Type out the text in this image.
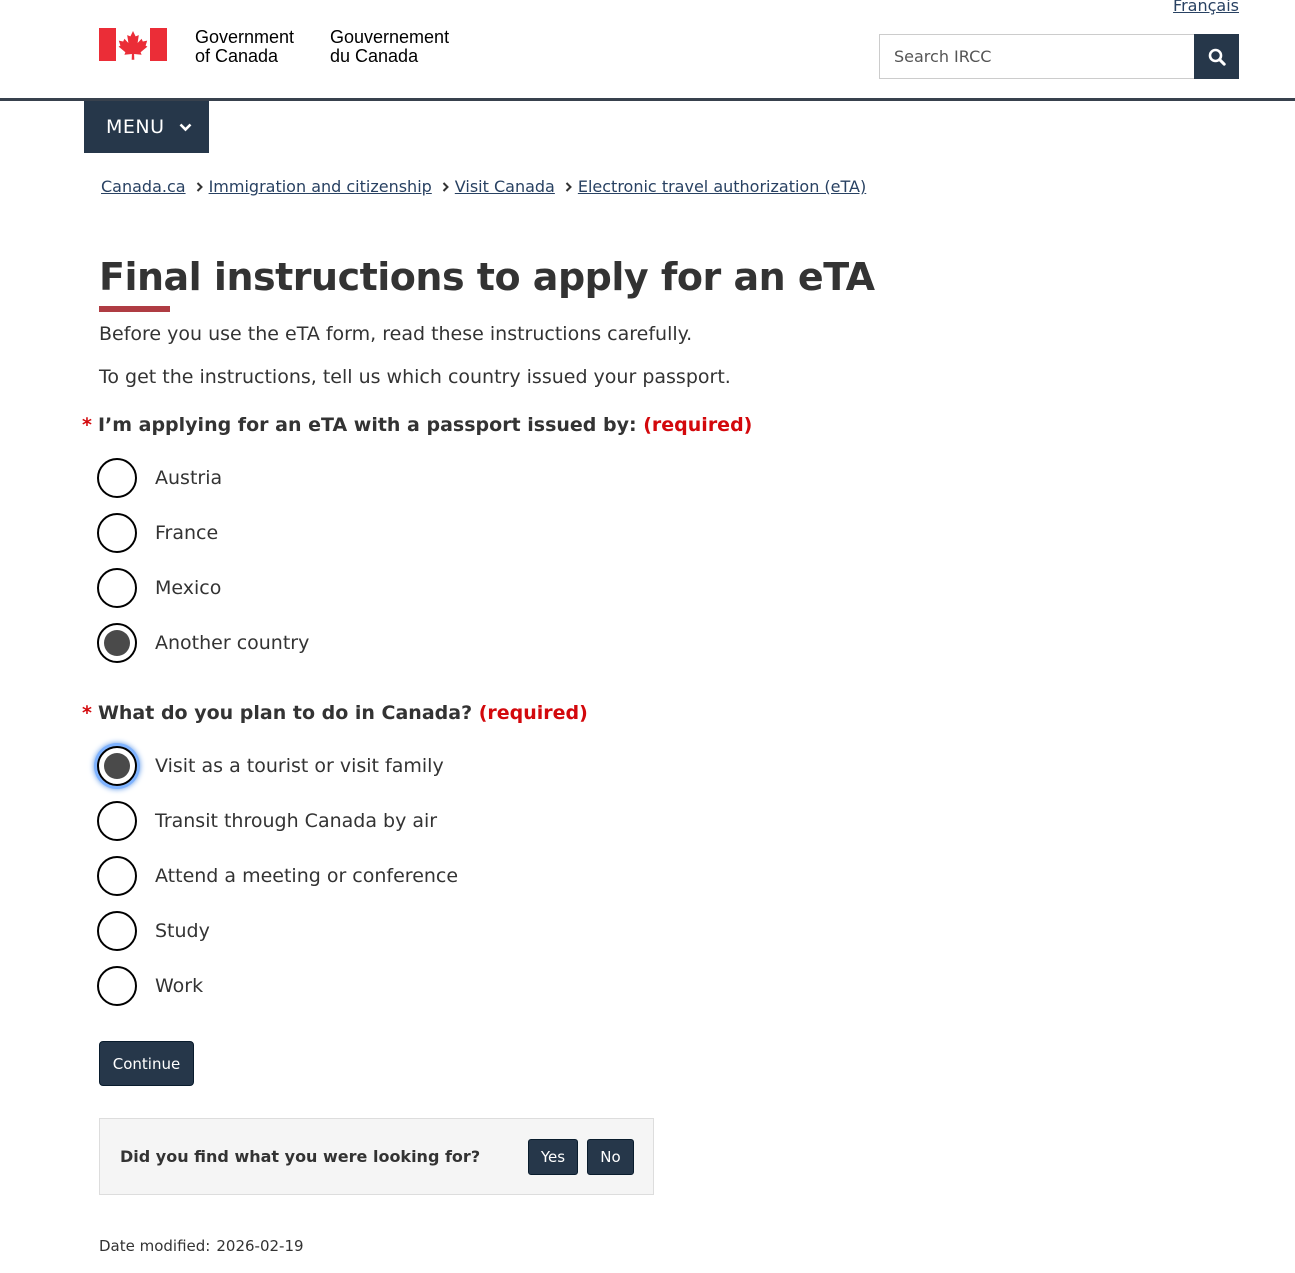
Français
Government
of Canada
Gouvernement
du Canada
Search IRCC
MENU
Canada.ca Immigration and citizenship Visit Canada Electronic travel authorization (eTA)
Final instructions to apply for an eTA

Before you use the eTA form, read these instructions carefully.

To get the instructions, tell us which country issued your passport.

* I’m applying for an eTA with a passport issued by: (required)
Austria
France
Mexico
Another country
* What do you plan to do in Canada? (required)
Visit as a tourist or visit family
Transit through Canada by air
Attend a meeting or conference
Study
Work
Continue
Did you find what you were looking for?	Yes	No
Date modified: 2026-02-19
